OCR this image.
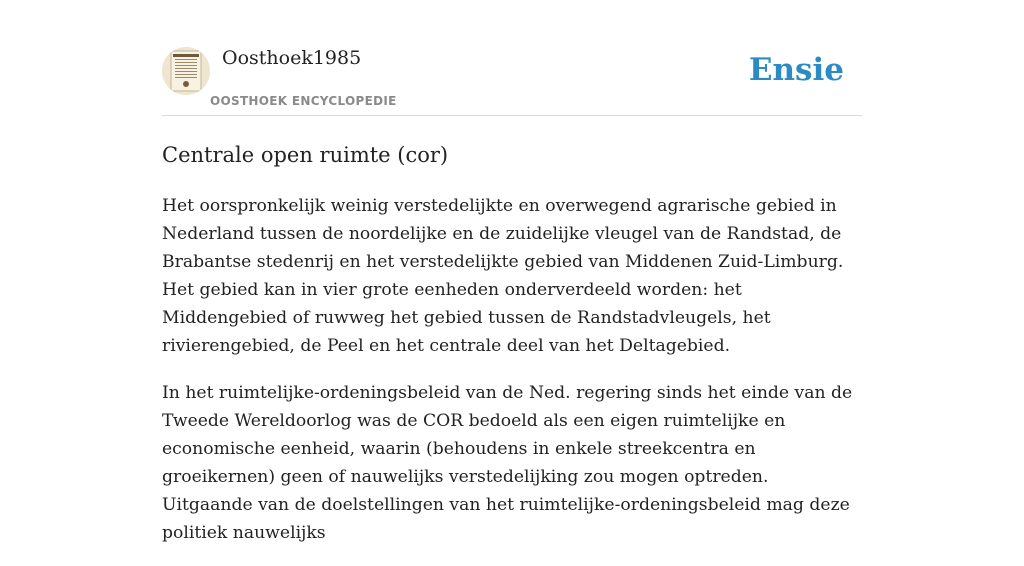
Oosthoek1985
OOSTHOEK ENCYCLOPEDIE
Ensie
Centrale open ruimte (cor)

Het oorspronkelijk weinig verstedelijkte en overwegend agrarische gebied in Nederland tussen de noordelijke en de zuidelijke vleugel van de Randstad, de Brabantse stedenrij en het verstedelijkte gebied van Middenen Zuid-Limburg. Het gebied kan in vier grote eenheden onderverdeeld worden: het Middengebied of ruwweg het gebied tussen de Randstadvleugels, het rivierengebied, de Peel en het centrale deel van het Deltagebied.

In het ruimtelijke-ordeningsbeleid van de Ned. regering sinds het einde van de Tweede Wereldoorlog was de COR bedoeld als een eigen ruimtelijke en economische eenheid, waarin (behoudens in enkele streekcentra en groeikernen) geen of nauwelijks verstedelijking zou mogen optreden. Uitgaande van de doelstellingen van het ruimtelijke-ordeningsbeleid mag deze politiek nauwelijks
